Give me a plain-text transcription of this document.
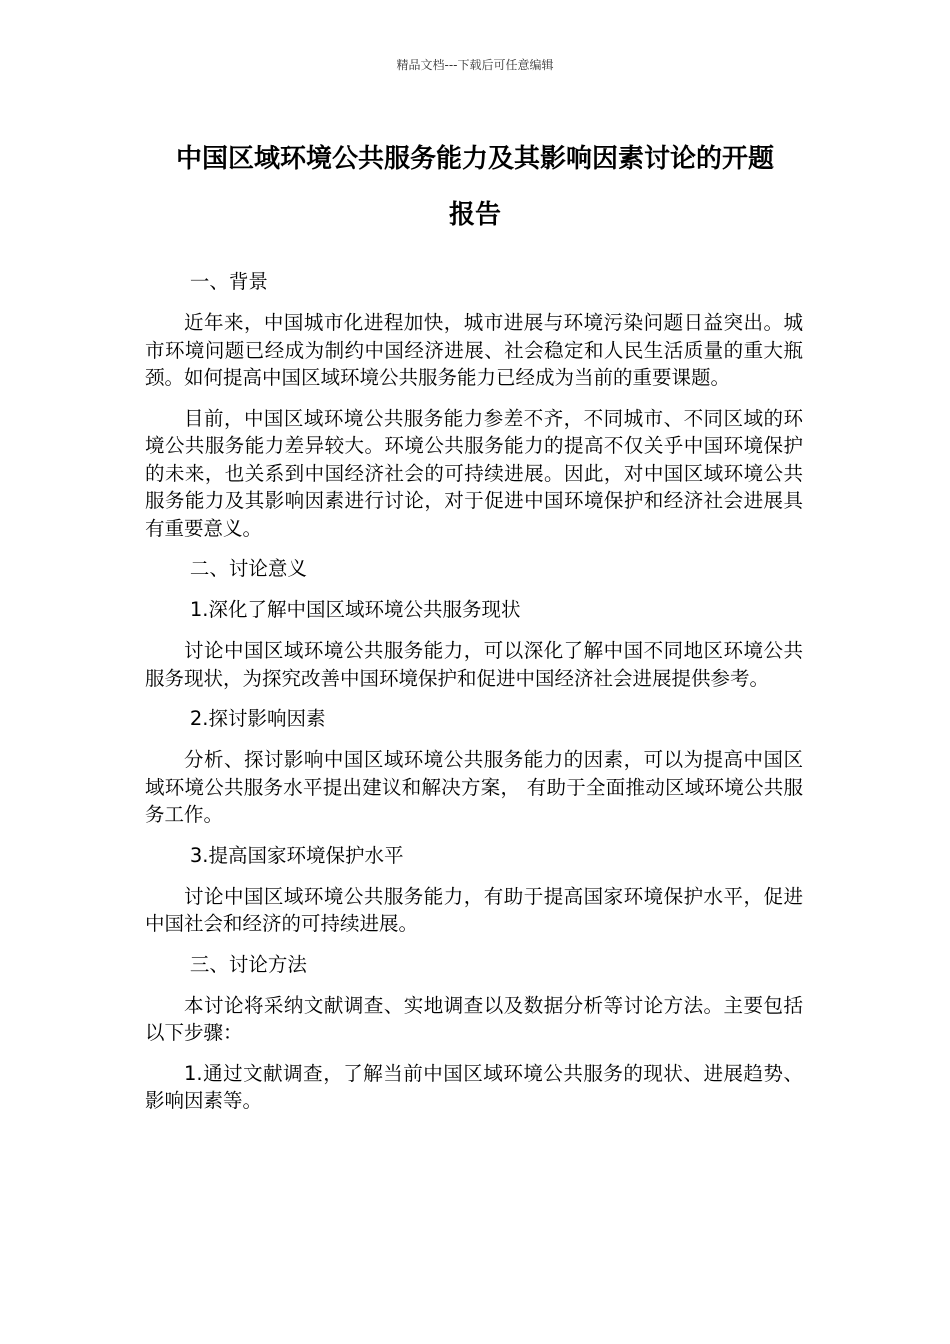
精品文档---下载后可任意编辑
中国区域环境公共服务能力及其影响因素讨论的开题
报告

一、背景

近年来，中国城市化进程加快，城市进展与环境污染问题日益突出。城市环境问题已经成为制约中国经济进展、社会稳定和人民生活质量的重大瓶颈。如何提高中国区域环境公共服务能力已经成为当前的重要课题。

目前，中国区域环境公共服务能力参差不齐，不同城市、不同区域的环境公共服务能力差异较大。环境公共服务能力的提高不仅关乎中国环境保护的未来，也关系到中国经济社会的可持续进展。因此，对中国区域环境公共服务能力及其影响因素进行讨论，对于促进中国环境保护和经济社会进展具有重要意义。

二、讨论意义

1.深化了解中国区域环境公共服务现状

讨论中国区域环境公共服务能力，可以深化了解中国不同地区环境公共服务现状，为探究改善中国环境保护和促进中国经济社会进展提供参考。

2.探讨影响因素

分析、探讨影响中国区域环境公共服务能力的因素，可以为提高中国区域环境公共服务水平提出建议和解决方案， 有助于全面推动区域环境公共服务工作。

3.提高国家环境保护水平

讨论中国区域环境公共服务能力，有助于提高国家环境保护水平，促进中国社会和经济的可持续进展。

三、讨论方法

本讨论将采纳文献调查、实地调查以及数据分析等讨论方法。主要包括以下步骤：

1.通过文献调查，了解当前中国区域环境公共服务的现状、进展趋势、影响因素等。
